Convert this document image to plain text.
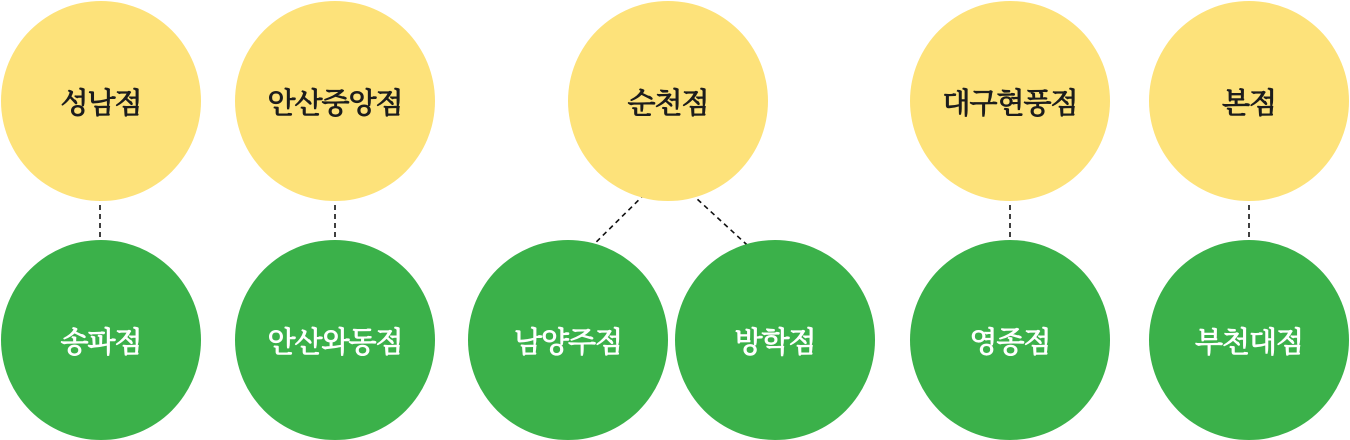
성남점	안산중앙점	순천점	대구현풍점	본점
송파점	안산와동점	남양주점	방학점	영종점	부천대점
